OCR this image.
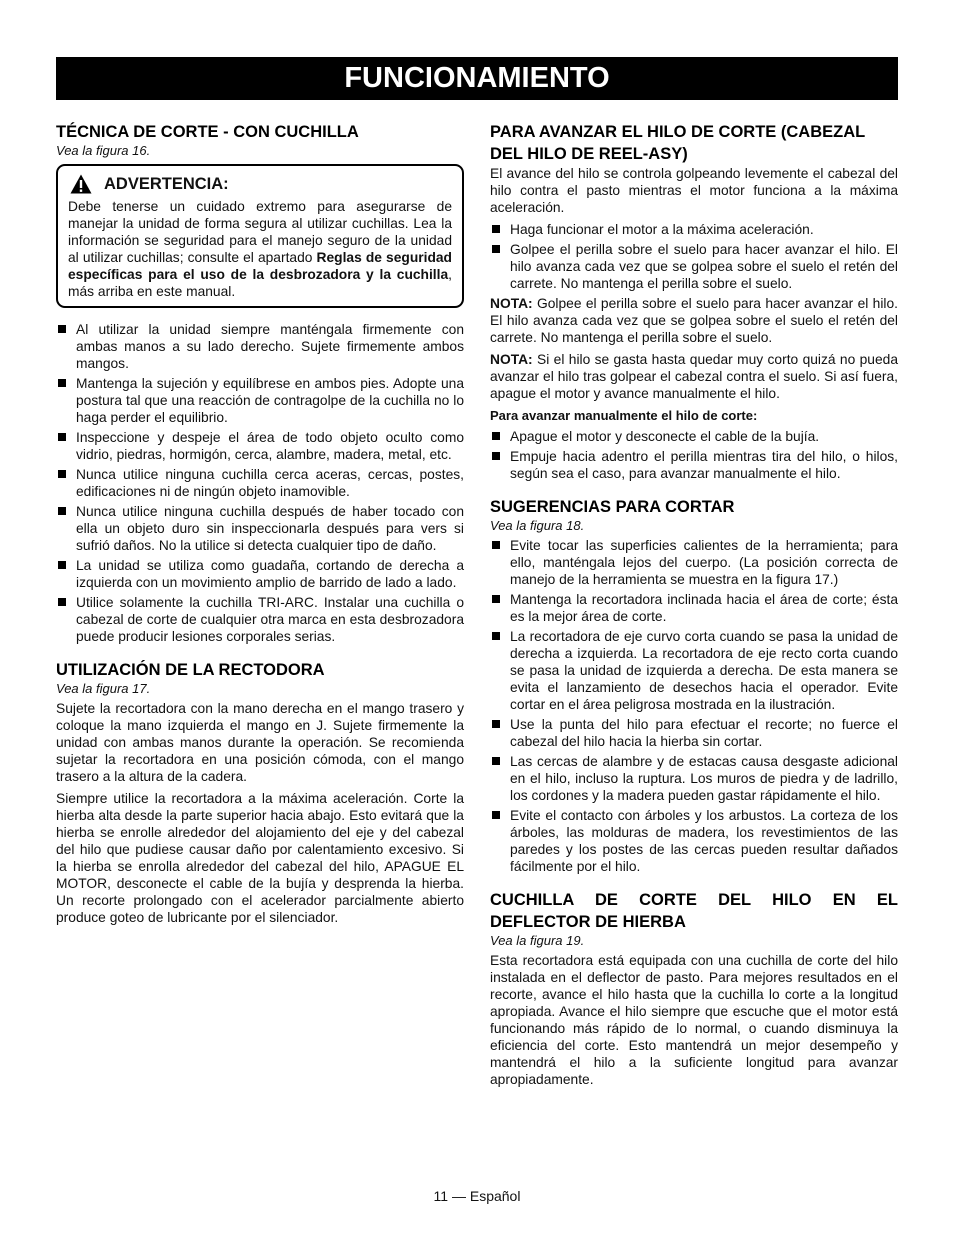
FUNCIONAMIENTO
TÉCNICA DE CORTE - CON CUCHILLA
Vea la figura 16.
ADVERTENCIA:
Debe tenerse un cuidado extremo para asegurarse de manejar la unidad de forma segura al utilizar cuchillas. Lea la información se seguridad para el manejo seguro de la unidad al utilizar cuchillas; consulte el apartado Reglas de seguridad específicas para el uso de la desbrozadora y la cuchilla, más arriba en este manual.
Al utilizar la unidad siempre manténgala firmemente con ambas manos a su lado derecho. Sujete firmemente ambos mangos.
Mantenga la sujeción y equilíbrese en ambos pies. Adopte una postura tal que una reacción de contragolpe de la cuchilla no lo haga perder el equilibrio.
Inspeccione y despeje el área de todo objeto oculto como vidrio, piedras, hormigón, cerca, alambre, madera, metal, etc.
Nunca utilice ninguna cuchilla cerca aceras, cercas, postes, edificaciones ni de ningún objeto inamovible.
Nunca utilice ninguna cuchilla después de haber tocado con ella un objeto duro sin inspeccionarla después para vers si sufrió daños. No la utilice si detecta cualquier tipo de daño.
La unidad se utiliza como guadaña, cortando de derecha a izquierda con un movimiento amplio de barrido de lado a lado.
Utilice solamente la cuchilla TRI-ARC. Instalar una cuchilla o cabezal de corte de cualquier otra marca en esta desbrozadora puede producir lesiones corporales serias.
UTILIZACIÓN DE LA RECTODORA
Vea la figura 17.

Sujete la recortadora con la mano derecha en el mango trasero y coloque la mano izquierda el mango en J. Sujete firmemente la unidad con ambas manos durante la operación. Se recomienda sujetar la recortadora en una posición cómoda, con el mango trasero a la altura de la cadera.

Siempre utilice la recortadora a la máxima aceleración. Corte la hierba alta desde la parte superior hacia abajo. Esto evitará que la hierba se enrolle alrededor del alojamiento del eje y del cabezal del hilo que pudiese causar daño por calentamiento excesivo. Si la hierba se enrolla alrededor del cabezal del hilo, APAGUE EL MOTOR, desconecte el cable de la bujía y desprenda la hierba. Un recorte prolongado con el acelerador parcialmente abierto produce goteo de lubricante por el silenciador.

PARA AVANZAR EL HILO DE CORTE (CABEZAL DEL HILO DE REEL-ASY)

El avance del hilo se controla golpeando levemente el cabezal del hilo contra el pasto mientras el motor funciona a la máxima aceleración.

Haga funcionar el motor a la máxima aceleración.
Golpee el perilla sobre el suelo para hacer avanzar el hilo. El hilo avanza cada vez que se golpea sobre el suelo el retén del carrete. No mantenga el perilla sobre el suelo.

NOTA: Golpee el perilla sobre el suelo para hacer avanzar el hilo. El hilo avanza cada vez que se golpea sobre el suelo el retén del carrete. No mantenga el perilla sobre el suelo.

NOTA: Si el hilo se gasta hasta quedar muy corto quizá no pueda avanzar el hilo tras golpear el cabezal contra el suelo. Si así fuera, apague el motor y avance manualmente el hilo.

Para avanzar manualmente el hilo de corte:
Apague el motor y desconecte el cable de la bujía.
Empuje hacia adentro el perilla mientras tira del hilo, o hilos, según sea el caso, para avanzar manualmente el hilo.
SUGERENCIAS PARA CORTAR
Vea la figura 18.
Evite tocar las superficies calientes de la herramienta; para ello, manténgala lejos del cuerpo. (La posición correcta de manejo de la herramienta se muestra en la figura 17.)
Mantenga la recortadora inclinada hacia el área de corte; ésta es la mejor área de corte.
La recortadora de eje curvo corta cuando se pasa la unidad de derecha a izquierda. La recortadora de eje recto corta cuando se pasa la unidad de izquierda a derecha. De esta manera se evita el lanzamiento de desechos hacia el operador. Evite cortar en el área peligrosa mostrada en la ilustración.
Use la punta del hilo para efectuar el recorte; no fuerce el cabezal del hilo hacia la hierba sin cortar.
Las cercas de alambre y de estacas causa desgaste adicional en el hilo, incluso la ruptura. Los muros de piedra y de ladrillo, los cordones y la madera pueden gastar rápidamente el hilo.
Evite el contacto con árboles y los arbustos. La corteza de los árboles, las molduras de madera, los revestimientos de las paredes y los postes de las cercas pueden resultar dañados fácilmente por el hilo.
CUCHILLA DE CORTE DEL HILO EN EL DEFLECTOR DE HIERBA
Vea la figura 19.

Esta recortadora está equipada con una cuchilla de corte del hilo instalada en el deflector de pasto. Para mejores resultados en el recorte, avance el hilo hasta que la cuchilla lo corte a la longitud apropiada. Avance el hilo siempre que escuche que el motor está funcionando más rápido de lo normal, o cuando disminuya la eficiencia del corte. Esto mantendrá un mejor desempeño y mantendrá el hilo a la suficiente longitud para avanzar apropiadamente.

11 — Español
